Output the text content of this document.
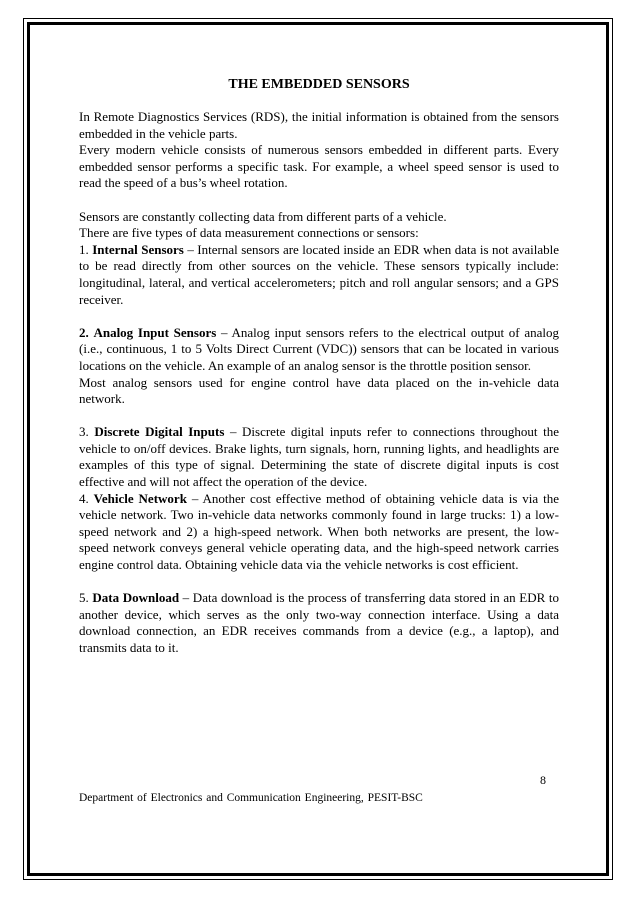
THE EMBEDDED SENSORS

In Remote Diagnostics Services (RDS), the initial information is obtained from the sensors embedded in the vehicle parts.

Every modern vehicle consists of numerous sensors embedded in different parts. Every embedded sensor performs a specific task. For example, a wheel speed sensor is used to read the speed of a bus’s wheel rotation.

Sensors are constantly collecting data from different parts of a vehicle.

There are five types of data measurement connections or sensors:

1. Internal Sensors – Internal sensors are located inside an EDR when data is not available to be read directly from other sources on the vehicle. These sensors typically include: longitudinal, lateral, and vertical accelerometers; pitch and roll angular sensors; and a GPS receiver.

2. Analog Input Sensors – Analog input sensors refers to the electrical output of analog (i.e., continuous, 1 to 5 Volts Direct Current (VDC)) sensors that can be located in various locations on the vehicle. An example of an analog sensor is the throttle position sensor.

Most analog sensors used for engine control have data placed on the in-vehicle data network.

3. Discrete Digital Inputs – Discrete digital inputs refer to connections throughout the vehicle to on/off devices. Brake lights, turn signals, horn, running lights, and headlights are examples of this type of signal. Determining the state of discrete digital inputs is cost effective and will not affect the operation of the device.

4. Vehicle Network – Another cost effective method of obtaining vehicle data is via the vehicle network. Two in-vehicle data networks commonly found in large trucks: 1) a low-speed network and 2) a high-speed network. When both networks are present, the low-speed network conveys general vehicle operating data, and the high-speed network carries engine control data. Obtaining vehicle data via the vehicle networks is cost efficient.

5. Data Download – Data download is the process of transferring data stored in an EDR to another device, which serves as the only two-way connection interface. Using a data download connection, an EDR receives commands from a device (e.g., a laptop), and transmits data to it.

8
Department of Electronics and Communication Engineering, PESIT-BSC
